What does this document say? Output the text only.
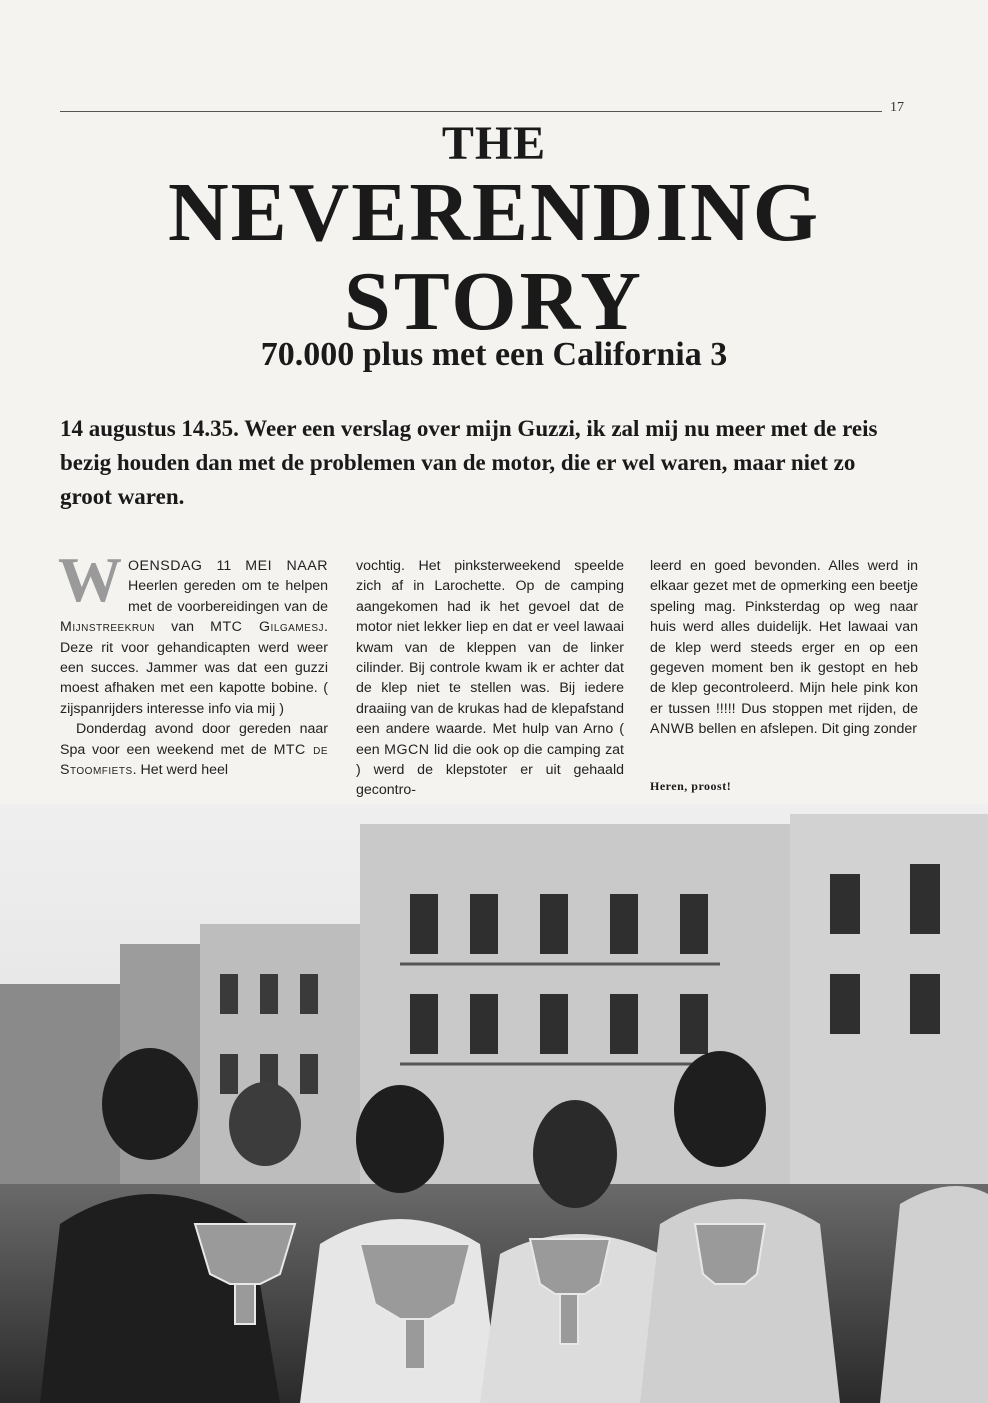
17
THE
NEVERENDING
STORY
70.000 plus met een California 3
14 augustus 14.35. Weer een verslag over mijn Guzzi, ik zal mij nu meer met de reis bezig houden dan met de problemen van de motor, die er wel waren, maar niet zo groot waren.

W OENSDAG 11 MEI NAAR Heerlen gereden om te helpen met de voorbereidingen van de Mijnstreekrun van MTC Gilgamesj. Deze rit voor gehandicapten werd weer een succes. Jammer was dat een guzzi moest afhaken met een kapotte bobine. ( zijspanrijders interesse info via mij )

Donderdag avond door gereden naar Spa voor een weekend met de MTC de Stoomfiets. Het werd heel

vochtig. Het pinksterweekend speelde zich af in Larochette. Op de camping aangekomen had ik het gevoel dat de motor niet lekker liep en dat er veel lawaai kwam van de kleppen van de linker cilinder. Bij controle kwam ik er achter dat de klep niet te stellen was. Bij iedere draaiing van de krukas had de klepafstand een andere waarde. Met hulp van Arno ( een MGCN lid die ook op die camping zat ) werd de klepstoter er uit gehaald gecontro-

leerd en goed bevonden. Alles werd in elkaar gezet met de opmerking een beetje speling mag. Pinksterdag op weg naar huis werd alles duidelijk. Het lawaai van de klep werd steeds erger en op een gegeven moment ben ik gestopt en heb de klep gecontroleerd. Mijn hele pink kon er tussen !!!!! Dus stoppen met rijden, de ANWB bellen en afslepen. Dit ging zonder

Heren, proost!
